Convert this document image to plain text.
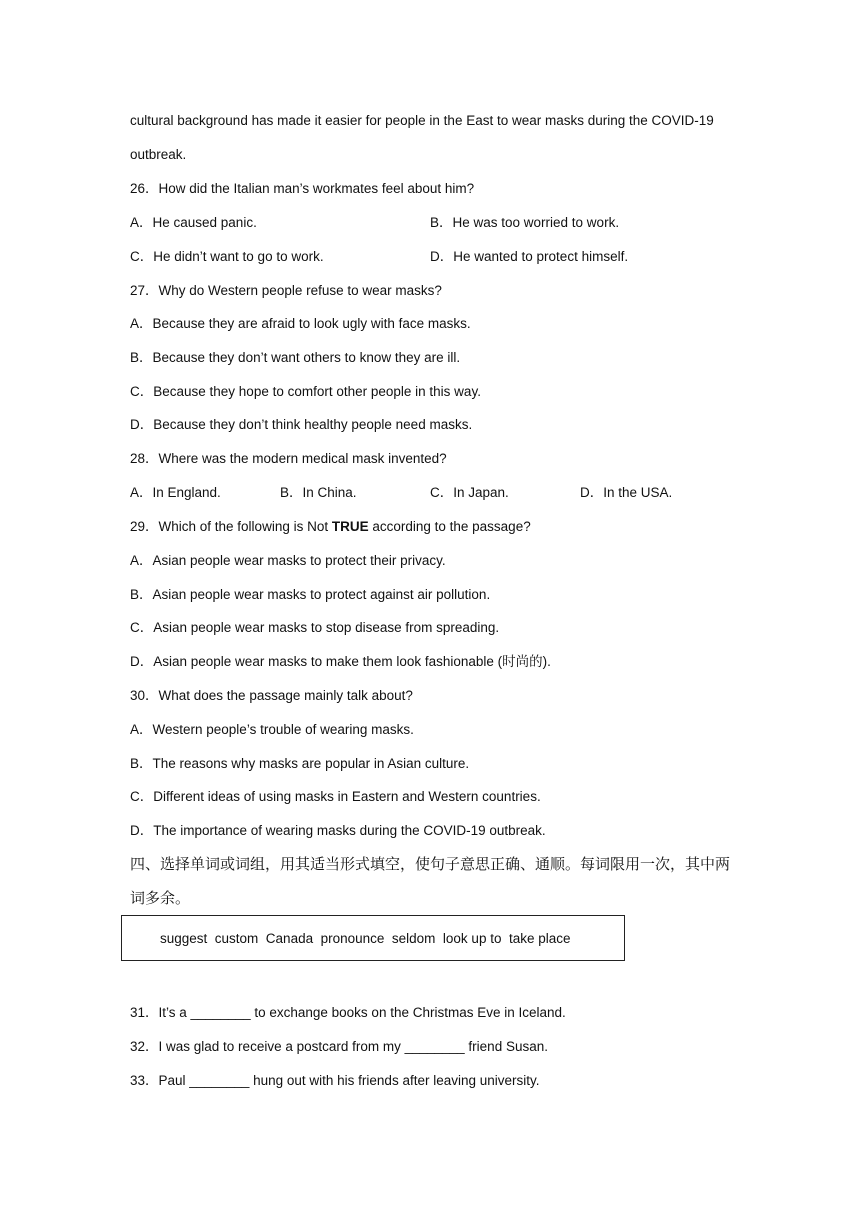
cultural background has made it easier for people in the East to wear masks during the COVID-19
outbreak.
26．How did the Italian man’s workmates feel about him?
A．He caused panic.	B．He was too worried to work.
C．He didn’t want to go to work.	D．He wanted to protect himself.
27．Why do Western people refuse to wear masks?
A．Because they are afraid to look ugly with face masks.
B．Because they don’t want others to know they are ill.
C．Because they hope to comfort other people in this way.
D．Because they don’t think healthy people need masks.
28．Where was the modern medical mask invented?
A．In England.	B．In China.	C．In Japan.	D．In the USA.
29．Which of the following is Not TRUE according to the passage?
A．Asian people wear masks to protect their privacy.
B．Asian people wear masks to protect against air pollution.
C．Asian people wear masks to stop disease from spreading.
D．Asian people wear masks to make them look fashionable (时尚的).
30．What does the passage mainly talk about?
A．Western people’s trouble of wearing masks.
B．The reasons why masks are popular in Asian culture.
C．Different ideas of using masks in Eastern and Western countries.
D．The importance of wearing masks during the COVID-19 outbreak.
四、选择单词或词组，用其适当形式填空，使句子意思正确、通顺。每词限用一次，其中两
词多余。
suggest  custom  Canada  pronounce  seldom  look up to  take place
31．It’s a ________ to exchange books on the Christmas Eve in Iceland.
32．I was glad to receive a postcard from my ________ friend Susan.
33．Paul ________ hung out with his friends after leaving university.
